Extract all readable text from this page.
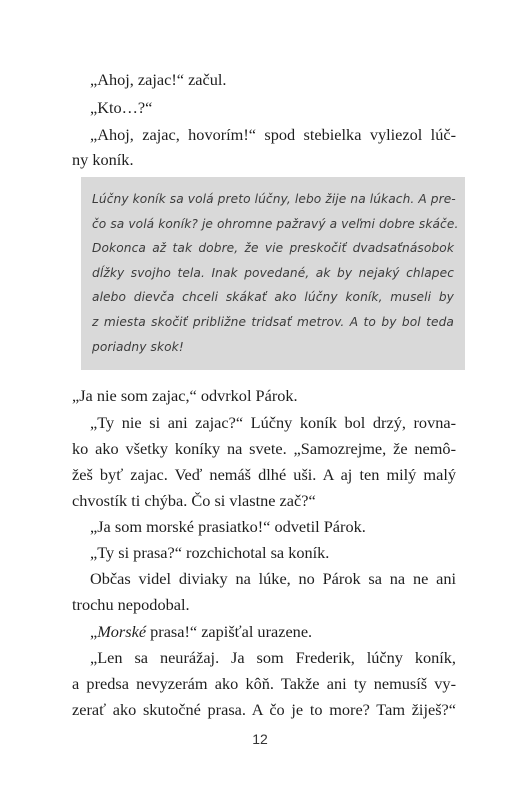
„Ahoj, zajac!“ začul.
„Kto…?“
„Ahoj, zajac, hovorím!“ spod stebielka vyliezol lúč-
ny koník.
Lúčny koník sa volá preto lúčny, lebo žije na lúkach. A pre-
čo sa volá koník? je ohromne pažravý a veľmi dobre skáče.
Dokonca až tak dobre, že vie preskočiť dvadsaťnásobok
dĺžky svojho tela. Inak povedané, ak by nejaký chlapec
alebo dievča chceli skákať ako lúčny koník, museli by
z miesta skočiť približne tridsať metrov. A to by bol teda
poriadny skok!
„Ja nie som zajac,“ odvrkol Párok.
„Ty nie si ani zajac?“ Lúčny koník bol drzý, rovna-
ko ako všetky koníky na svete. „Samozrejme, že nemô-
žeš byť zajac. Veď nemáš dlhé uši. A aj ten milý malý
chvostík ti chýba. Čo si vlastne zač?“
„Ja som morské prasiatko!“ odvetil Párok.
„Ty si prasa?“ rozchichotal sa koník.
Občas videl diviaky na lúke, no Párok sa na ne ani
trochu nepodobal.
„Morské prasa!“ zapišťal urazene.
„Len sa neurážaj. Ja som Frederik, lúčny koník,
a predsa nevyzerám ako kôň. Takže ani ty nemusíš vy-
zerať ako skutočné prasa. A čo je to more? Tam žiješ?“
12
